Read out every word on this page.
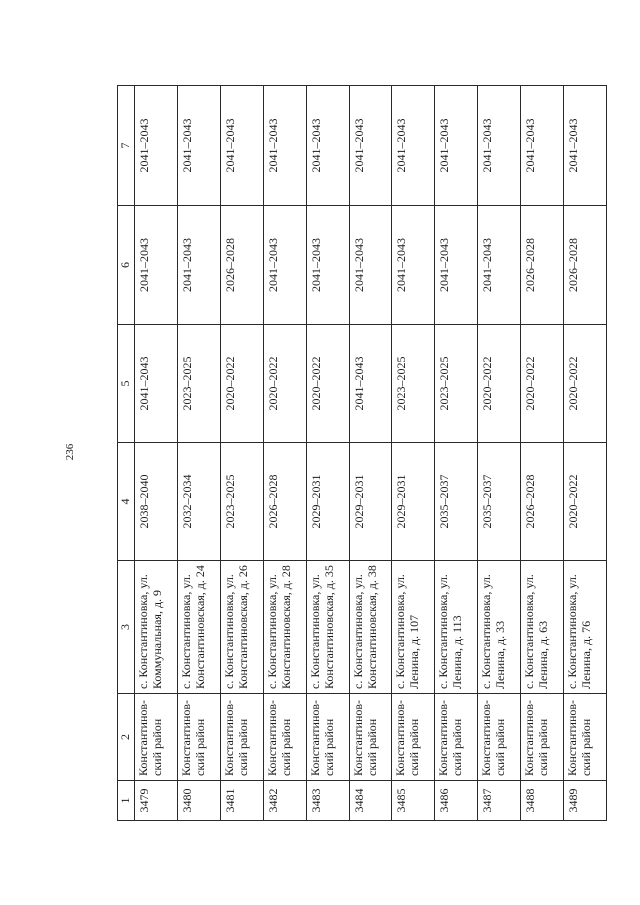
236
1	2	3	4	5	6	7
3479	Константинов-ский район	с. Константиновка, ул. Коммунальная, д. 9	2038–2040	2041–2043	2041–2043	2041–2043
3480	Константинов-ский район	с. Константиновка, ул. Константиновская, д. 24	2032–2034	2023–2025	2041–2043	2041–2043
3481	Константинов-ский район	с. Константиновка, ул. Константиновская, д. 26	2023–2025	2020–2022	2026–2028	2041–2043
3482	Константинов-ский район	с. Константиновка, ул. Константиновская, д. 28	2026–2028	2020–2022	2041–2043	2041–2043
3483	Константинов-ский район	с. Константиновка, ул. Константиновская, д. 35	2029–2031	2020–2022	2041–2043	2041–2043
3484	Константинов-ский район	с. Константиновка, ул. Константиновская, д. 38	2029–2031	2041–2043	2041–2043	2041–2043
3485	Константинов-ский район	с. Константиновка, ул. Ленина, д. 107	2029–2031	2023–2025	2041–2043	2041–2043
3486	Константинов-ский район	с. Константиновка, ул. Ленина, д. 113	2035–2037	2023–2025	2041–2043	2041–2043
3487	Константинов-ский район	с. Константиновка, ул. Ленина, д. 33	2035–2037	2020–2022	2041–2043	2041–2043
3488	Константинов-ский район	с. Константиновка, ул. Ленина, д. 63	2026–2028	2020–2022	2026–2028	2041–2043
3489	Константинов-ский район	с. Константиновка, ул. Ленина, д. 76	2020–2022	2020–2022	2026–2028	2041–2043
